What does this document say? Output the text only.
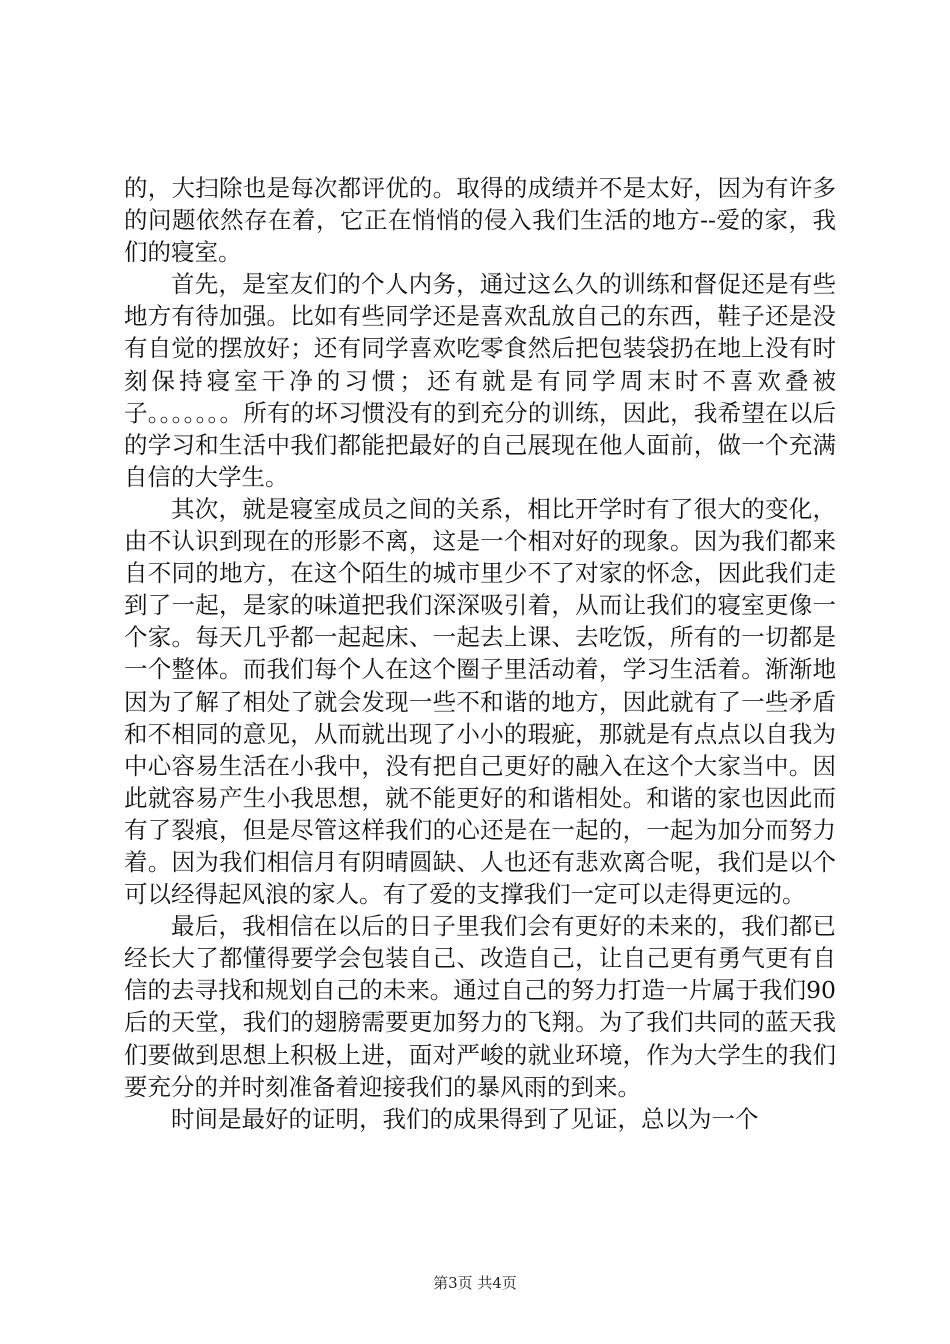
的，大扫除也是每次都评优的。取得的成绩并不是太好，因为有许多的问题依然存在着，它正在悄悄的侵入我们生活的地方--爱的家，我们的寝室。

首先，是室友们的个人内务，通过这么久的训练和督促还是有些地方有待加强。比如有些同学还是喜欢乱放自己的东西，鞋子还是没有自觉的摆放好；还有同学喜欢吃零食然后把包装袋扔在地上没有时刻保持寝室干净的习惯；还有就是有同学周末时不喜欢叠被子。。。。。。。所有的坏习惯没有的到充分的训练，因此，我希望在以后的学习和生活中我们都能把最好的自己展现在他人面前，做一个充满自信的大学生。

其次，就是寝室成员之间的关系，相比开学时有了很大的变化，由不认识到现在的形影不离，这是一个相对好的现象。因为我们都来自不同的地方，在这个陌生的城市里少不了对家的怀念，因此我们走到了一起，是家的味道把我们深深吸引着，从而让我们的寝室更像一个家。每天几乎都一起起床、一起去上课、去吃饭，所有的一切都是一个整体。而我们每个人在这个圈子里活动着，学习生活着。渐渐地因为了解了相处了就会发现一些不和谐的地方，因此就有了一些矛盾和不相同的意见，从而就出现了小小的瑕疵，那就是有点点以自我为中心容易生活在小我中，没有把自己更好的融入在这个大家当中。因此就容易产生小我思想，就不能更好的和谐相处。和谐的家也因此而有了裂痕，但是尽管这样我们的心还是在一起的，一起为加分而努力着。因为我们相信月有阴晴圆缺、人也还有悲欢离合呢，我们是以个可以经得起风浪的家人。有了爱的支撑我们一定可以走得更远的。

最后，我相信在以后的日子里我们会有更好的未来的，我们都已经长大了都懂得要学会包装自己、改造自己，让自己更有勇气更有自信的去寻找和规划自己的未来。通过自己的努力打造一片属于我们90后的天堂，我们的翅膀需要更加努力的飞翔。为了我们共同的蓝天我们要做到思想上积极上进，面对严峻的就业环境，作为大学生的我们要充分的并时刻准备着迎接我们的暴风雨的到来。

时间是最好的证明，我们的成果得到了见证，总以为一个

第3页 共4页
